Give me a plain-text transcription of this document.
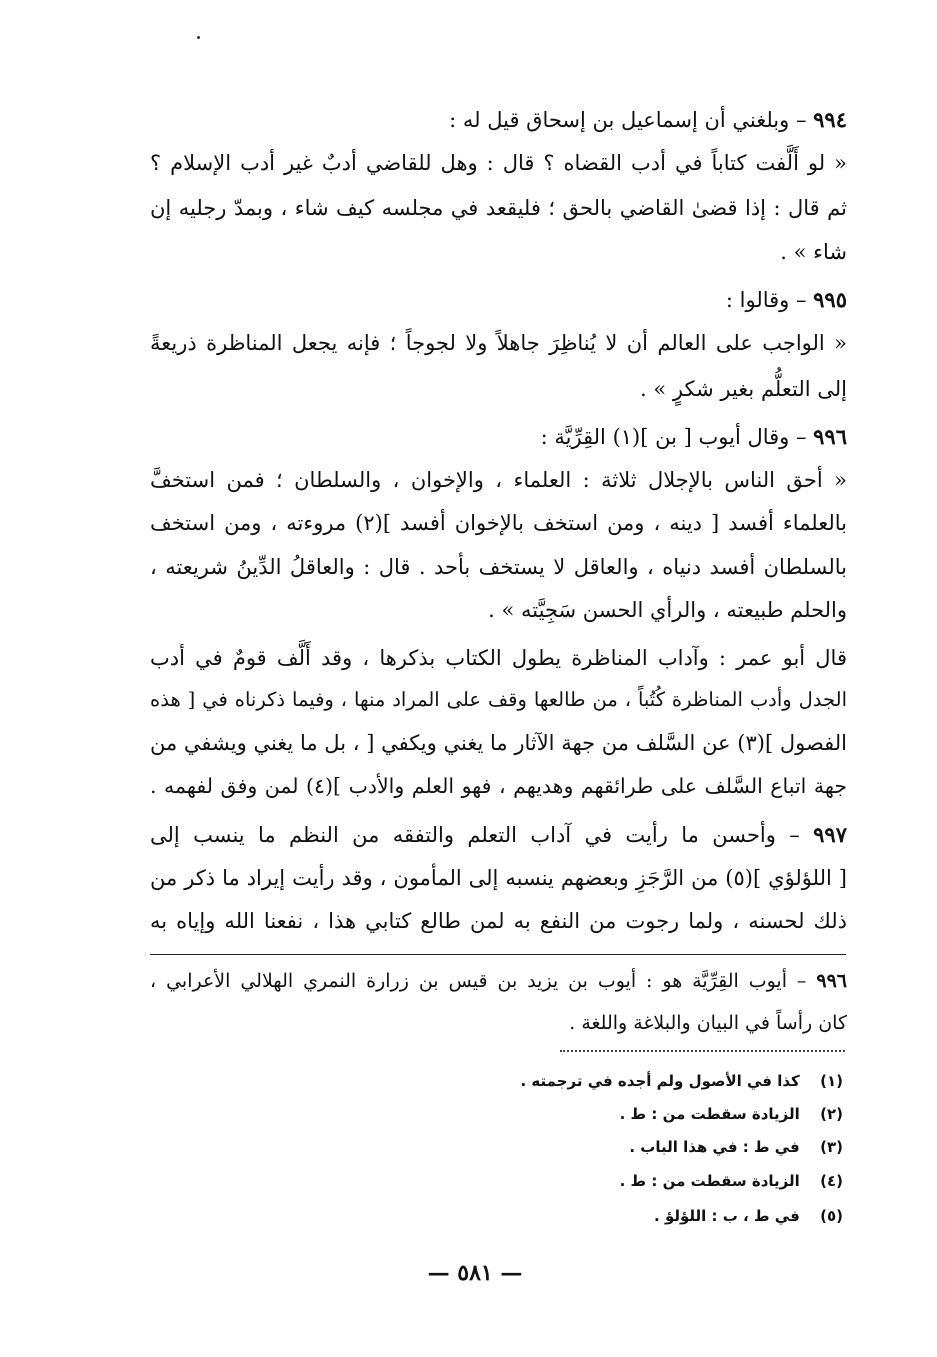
٩٩٤ – وبلغني أن إسماعيل بن إسحاق قيل له :
« لو أَلَّفت كتاباً في أدب القضاه ؟ قال : وهل للقاضي أدبٌ غير أدب الإسلام ؟
ثم قال : إذا قضىٰ القاضي بالحق ؛ فليقعد في مجلسه كيف شاء ، وبمدّ رجليه إن
شاء » .
٩٩٥ – وقالوا :
« الواجب على العالم أن لا يُناظِرَ جاهلاً ولا لجوجاً ؛ فإنه يجعل المناظرة ذريعةً
إلى التعلُّم بغير شكرٍ » .
٩٩٦ – وقال أيوب [ بن ](١) القِرِّيَّة :
« أحق الناس بالإجلال ثلاثة : العلماء ، والإخوان ، والسلطان ؛ فمن استخفَّ
بالعلماء أفسد [ دينه ، ومن استخف بالإخوان أفسد ](٢) مروءته ، ومن استخف
بالسلطان أفسد دنياه ، والعاقل لا يستخف بأحد . قال : والعاقلُ الدِّينُ شريعته ،
والحلم طبيعته ، والرأي الحسن سَجِيَّته » .
قال أبو عمر : وآداب المناظرة يطول الكتاب بذكرها ، وقد أَلَّف قومٌ في أدب
الجدل وأدب المناظرة كُتُباً ، من طالعها وقف على المراد منها ، وفيما ذكرناه في [ هذه
الفصول ](٣) عن السَّلف من جهة الآثار ما يغني ويكفي [ ، بل ما يغني ويشفي من
جهة اتباع السَّلف على طرائقهم وهديهم ، فهو العلم والأدب ](٤) لمن وفق لفهمه .
٩٩٧ – وأحسن ما رأيت في آداب التعلم والتفقه من النظم ما ينسب إلى
[ اللؤلؤي ](٥) من الرَّجَزِ وبعضهم ينسبه إلى المأمون ، وقد رأيت إيراد ما ذكر من
ذلك لحسنه ، ولما رجوت من النفع به لمن طالع كتابي هذا ، نفعنا الله وإياه به
٩٩٦ – أيوب القِرِّيَّة هو : أيوب بن يزيد بن قيس بن زرارة النمري الهلالي الأعرابي ،
كان رأساً في البيان والبلاغة واللغة .
(١) كذا في الأصول ولم أجده في ترجمته .
(٢) الزيادة سقطت من : ط .
(٣) في ط : في هذا الباب .
(٤) الزيادة سقطت من : ط .
(٥) في ط ، ب : اللؤلؤ .
— ٥٨١ —
